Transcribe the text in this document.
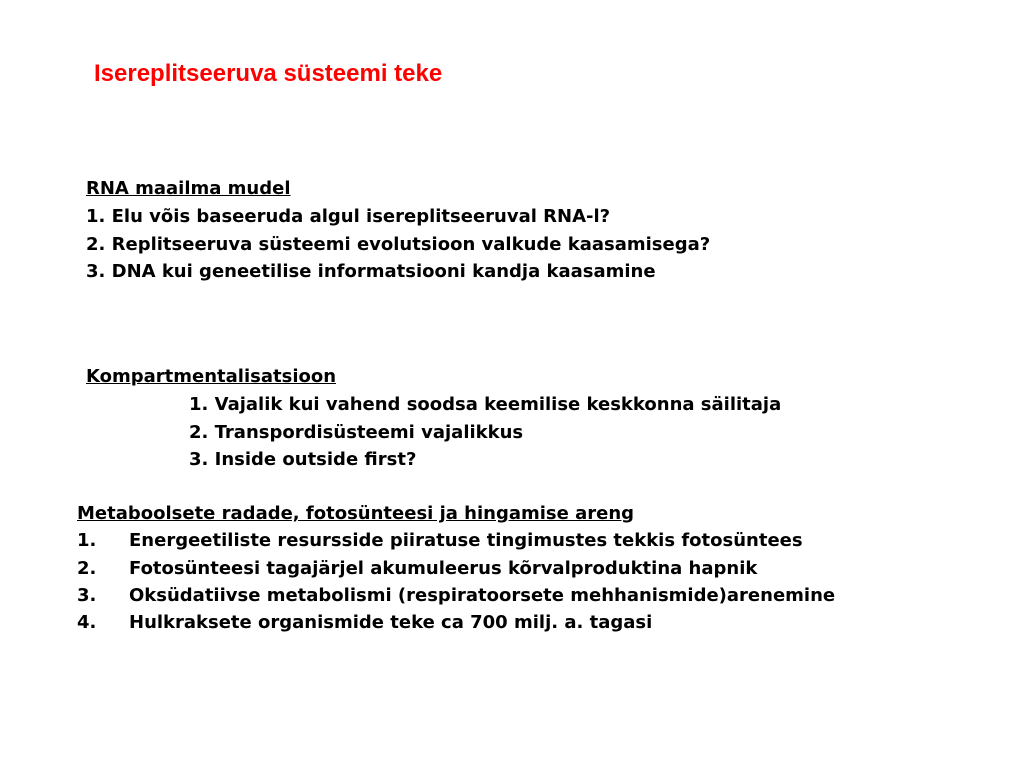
Isereplitseeruva süsteemi teke
RNA maailma mudel
1. Elu võis baseeruda algul isereplitseeruval RNA-l?
2. Replitseeruva süsteemi evolutsioon valkude kaasamisega?
3. DNA kui geneetilise informatsiooni kandja kaasamine
Kompartmentalisatsioon
1. Vajalik kui vahend soodsa keemilise keskkonna säilitaja
2. Transpordisüsteemi vajalikkus
3. Inside outside first?
Metaboolsete radade, fotosünteesi ja hingamise areng
1. Energeetiliste resursside piiratuse tingimustes tekkis fotosüntees
2. Fotosünteesi tagajärjel akumuleerus kõrvalproduktina hapnik
3. Oksüdatiivse metabolismi (respiratoorsete mehhanismide)arenemine
4. Hulkraksete organismide teke ca 700 milj. a. tagasi
